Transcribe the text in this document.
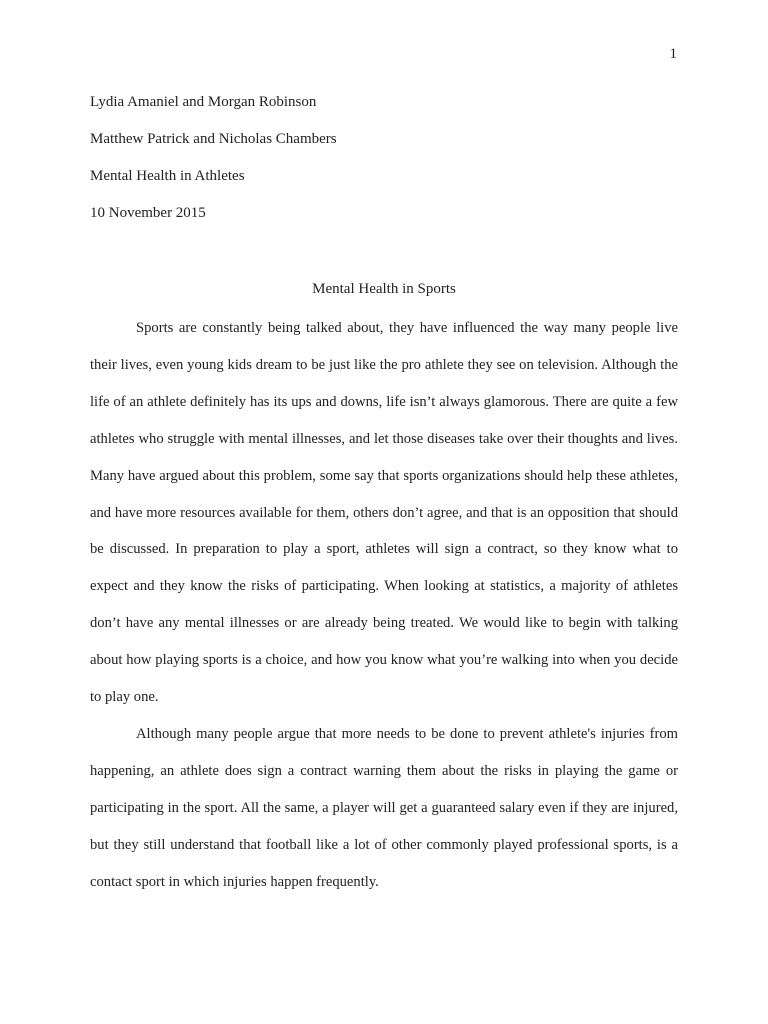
1
Lydia Amaniel and Morgan Robinson
Matthew Patrick and Nicholas Chambers
Mental Health in Athletes
10 November 2015
Mental Health in Sports

Sports are constantly being talked about, they have influenced the way many people live their lives, even young kids dream to be just like the pro athlete they see on television. Although the life of an athlete definitely has its ups and downs, life isn’t always glamorous. There are quite a few athletes who struggle with mental illnesses, and let those diseases take over their thoughts and lives. Many have argued about this problem, some say that sports organizations should help these athletes, and have more resources available for them, others don’t agree, and that is an opposition that should be discussed. In preparation to play a sport, athletes will sign a contract, so they know what to expect and they know the risks of participating. When looking at statistics, a majority of athletes don’t have any mental illnesses or are already being treated. We would like to begin with talking about how playing sports is a choice, and how you know what you’re walking into when you decide to play one.

Although many people argue that more needs to be done to prevent athlete's injuries from happening, an athlete does sign a contract warning them about the risks in playing the game or participating in the sport. All the same, a player will get a guaranteed salary even if they are injured, but they still understand that football like a lot of other commonly played professional sports, is a contact sport in which injuries happen frequently.
